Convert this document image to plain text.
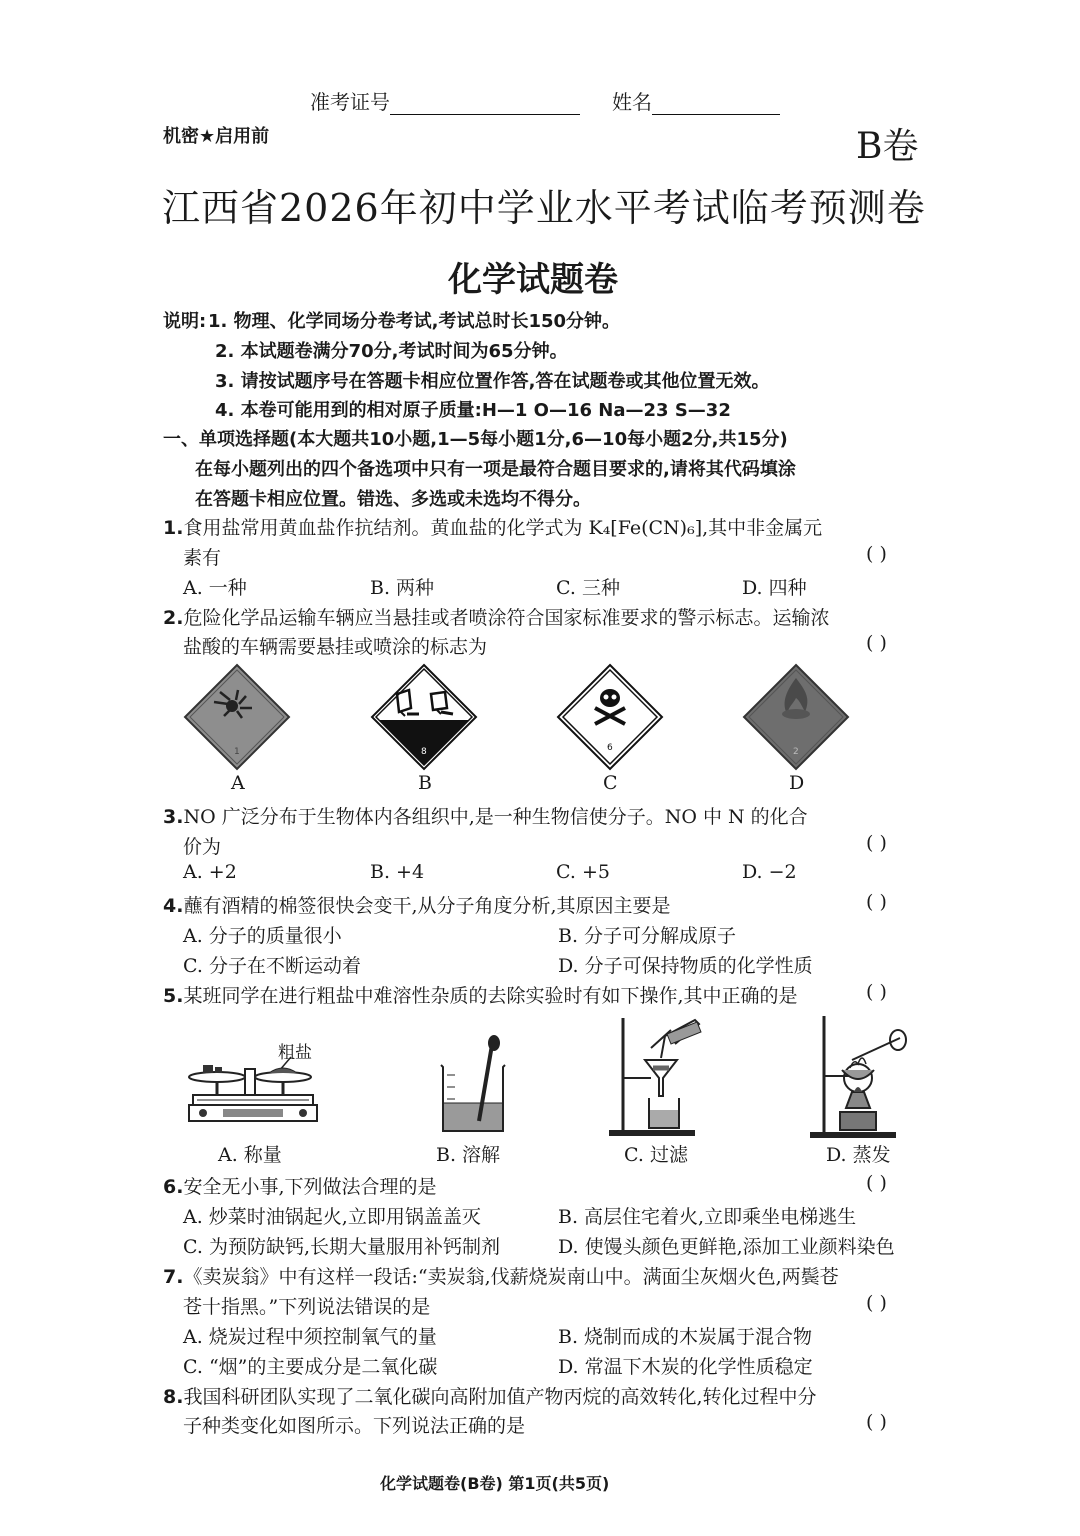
准考证号	姓名
机密★启用前	B卷
江西省2026年初中学业水平考试临考预测卷
化学试题卷
说明: 1. 物理、化学同场分卷考试,考试总时长150分钟。
2. 本试题卷满分70分,考试时间为65分钟。
3. 请按试题序号在答题卡相应位置作答,答在试题卷或其他位置无效。
4. 本卷可能用到的相对原子质量:H—1 O—16 Na—23 S—32
一、单项选择题(本大题共10小题,1—5每小题1分,6—10每小题2分,共15分)
在每小题列出的四个备选项中只有一项是最符合题目要求的,请将其代码填涂
在答题卡相应位置。错选、多选或未选均不得分。
1.食用盐常用黄血盐作抗结剂。黄血盐的化学式为 K₄[Fe(CN)₆],其中非金属元
素有	( )
A. 一种	B. 两种	C. 三种	D. 四种
2.危险化学品运输车辆应当悬挂或者喷涂符合国家标准要求的警示标志。运输浓
盐酸的车辆需要悬挂或喷涂的标志为	( )
1	8	6	2
A	B	C	D
3.NO 广泛分布于生物体内各组织中,是一种生物信使分子。NO 中 N 的化合
价为	( )
A. +2	B. +4	C. +5	D. −2
4.蘸有酒精的棉签很快会变干,从分子角度分析,其原因主要是	( )
A. 分子的质量很小	B. 分子可分解成原子
C. 分子在不断运动着	D. 分子可保持物质的化学性质
5.某班同学在进行粗盐中难溶性杂质的去除实验时有如下操作,其中正确的是	( )
粗盐
A. 称量	B. 溶解	C. 过滤	D. 蒸发
6.安全无小事,下列做法合理的是	( )
A. 炒菜时油锅起火,立即用锅盖盖灭	B. 高层住宅着火,立即乘坐电梯逃生
C. 为预防缺钙,长期大量服用补钙制剂	D. 使馒头颜色更鲜艳,添加工业颜料染色
7.《卖炭翁》中有这样一段话:“卖炭翁,伐薪烧炭南山中。满面尘灰烟火色,两鬓苍
苍十指黑。”下列说法错误的是	( )
A. 烧炭过程中须控制氧气的量	B. 烧制而成的木炭属于混合物
C. “烟”的主要成分是二氧化碳	D. 常温下木炭的化学性质稳定
8.我国科研团队实现了二氧化碳向高附加值产物丙烷的高效转化,转化过程中分
子种类变化如图所示。下列说法正确的是	( )
化学试题卷(B卷) 第1页(共5页)
